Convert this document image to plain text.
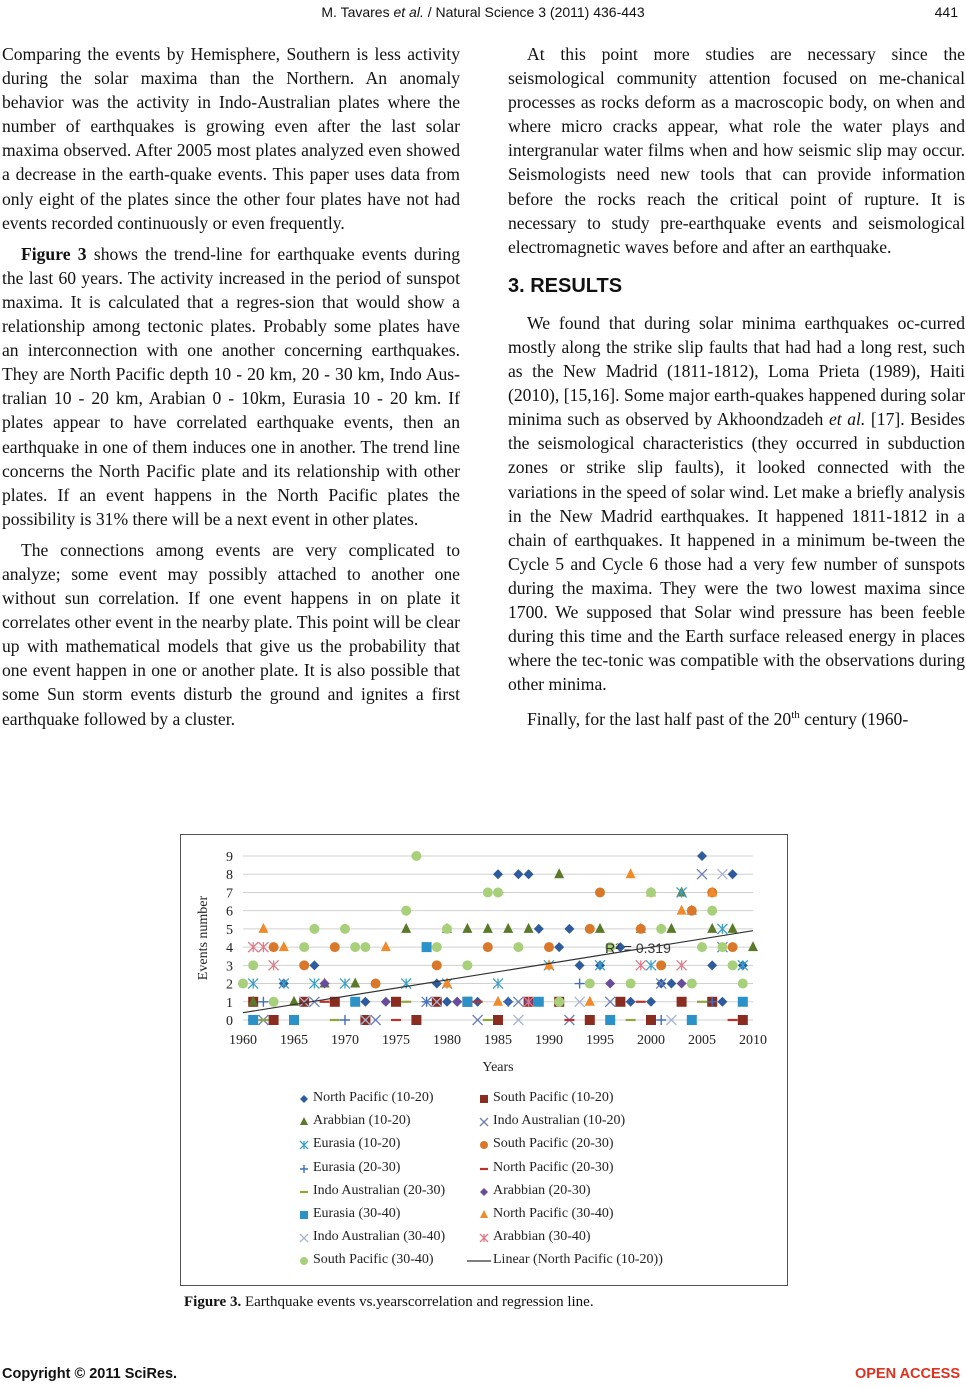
M. Tavares et al. / Natural Science 3 (2011) 436-443	441

Comparing the events by Hemisphere, Southern is less activity during the solar maxima than the Northern. An anomaly behavior was the activity in Indo-Australian plates where the number of earthquakes is growing even after the last solar maxima observed. After 2005 most plates analyzed even showed a decrease in the earth-quake events. This paper uses data from only eight of the plates since the other four plates have not had events recorded continuously or even frequently.

Figure 3 shows the trend-line for earthquake events during the last 60 years. The activity increased in the period of sunspot maxima. It is calculated that a regres-sion that would show a relationship among tectonic plates. Probably some plates have an interconnection with one another concerning earthquakes. They are North Pacific depth 10 - 20 km, 20 - 30 km, Indo Aus-tralian 10 - 20 km, Arabian 0 - 10km, Eurasia 10 - 20 km. If plates appear to have correlated earthquake events, then an earthquake in one of them induces one in another. The trend line concerns the North Pacific plate and its relationship with other plates. If an event happens in the North Pacific plates the possibility is 31% there will be a next event in other plates.

The connections among events are very complicated to analyze; some event may possibly attached to another one without sun correlation. If one event happens in on plate it correlates other event in the nearby plate. This point will be clear up with mathematical models that give us the probability that one event happen in one or another plate. It is also possible that some Sun storm events disturb the ground and ignites a first earthquake followed by a cluster.

At this point more studies are necessary since the seismological community attention focused on me-chanical processes as rocks deform as a macroscopic body, on when and where micro cracks appear, what role the water plays and intergranular water films when and how seismic slip may occur. Seismologists need new tools that can provide information before the rocks reach the critical point of rupture. It is necessary to study pre-earthquake events and seismological electromagnetic waves before and after an earthquake.

3. RESULTS

We found that during solar minima earthquakes oc-curred mostly along the strike slip faults that had had a long rest, such as the New Madrid (1811-1812), Loma Prieta (1989), Haiti (2010), [15,16]. Some major earth-quakes happened during solar minima such as observed by Akhoondzadeh et al. [17]. Besides the seismological characteristics (they occurred in subduction zones or strike slip faults), it looked connected with the variations in the speed of solar wind. Let make a briefly analysis in the New Madrid earthquakes. It happened 1811-1812 in a chain of earthquakes. It happened in a minimum be-tween the Cycle 5 and Cycle 6 those had a very few number of sunspots during the maxima. They were the two lowest maxima since 1700. We supposed that Solar wind pressure has been feeble during this time and the Earth surface released energy in places where the tec-tonic was compatible with the observations during other minima.

Finally, for the last half past of the 20th century (1960-

0
1
2
3
4
5
6
7
8
9
1960 1965 1970 1975 1980 1985 1990 1995 2000 2005 2010
Years
Events number	R² = 0.319
North Pacific (10-20)	South Pacific (10-20)
Arabbian (10-20)	Indo Australian (10-20)
Eurasia (10-20)	South Pacific (20-30)
Eurasia (20-30)	North Pacific (20-30)
Indo Australian (20-30)	Arabbian (20-30)
Eurasia (30-40)	North Pacific (30-40)
Indo Australian (30-40)	Arabbian (30-40)
South Pacific (30-40)	Linear (North Pacific (10-20))
Figure 3. Earthquake events vs.yearscorrelation and regression line.
Copyright © 2011 SciRes.	OPEN ACCESS
